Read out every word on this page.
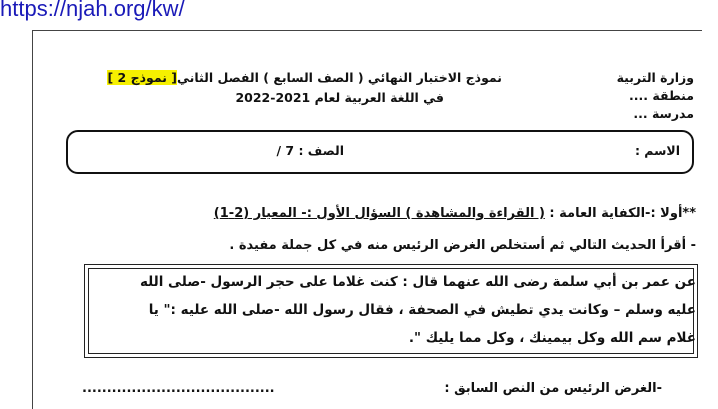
https://njah.org/kw/
وزارة التربية
منطقة ....
مدرسة ...
نموذج الاختبار النهائي ( الصف السابع ) الفصل الثاني[ نموذج 2 ]
في اللغة العربية لعام 2021-2022
الاسم :
الصف : 7 /
**أولا :-الكفاية العامة : ( القراءة والمشاهدة ) السؤال الأول :- المعيار (2-1)
- أقرأ الحديث التالي ثم أستخلص الغرض الرئيس منه في كل جملة مفيدة .
عن عمر بن أبي سلمة رضى الله عنهما قال : كنت غلاما على حجر الرسول -صلى الله
عليه وسلم – وكانت يدي تطيش في الصحفة ، فقال رسول الله -صلى الله عليه :" يا
غلام سم الله وكل بيمينك ، وكل مما يليك ".
-الغرض الرئيس من النص السابق :
.......................................
